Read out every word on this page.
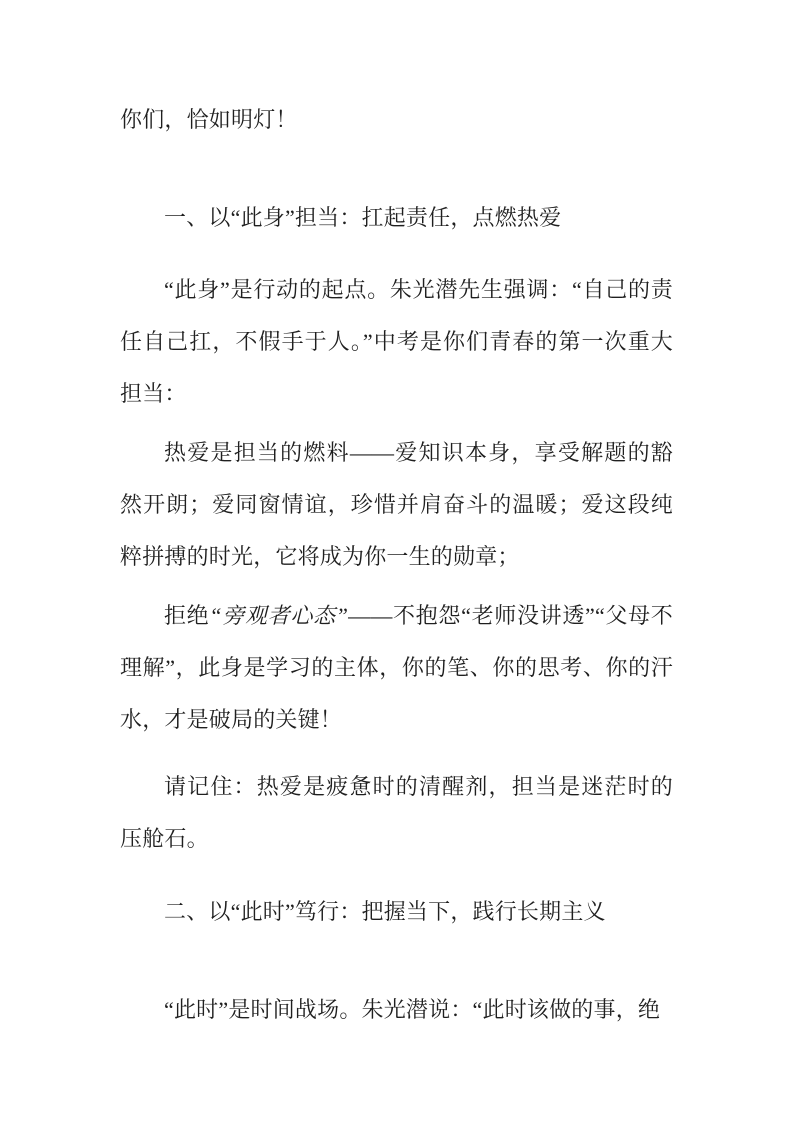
你们，恰如明灯！

一、以“此身”担当：扛起责任，点燃热爱

“此身”是行动的起点。朱光潜先生强调：“自己的责任自己扛，不假手于人。”中考是你们青春的第一次重大担当：

热爱是担当的燃料——爱知识本身，享受解题的豁然开朗；爱同窗情谊，珍惜并肩奋斗的温暖；爱这段纯粹拼搏的时光，它将成为你一生的勋章；

拒绝“旁观者心态”——不抱怨“老师没讲透”“父母不理解”，此身是学习的主体，你的笔、你的思考、你的汗水，才是破局的关键！

请记住：热爱是疲惫时的清醒剂，担当是迷茫时的压舱石。

二、以“此时”笃行：把握当下，践行长期主义

“此时”是时间战场。朱光潜说：“此时该做的事，绝
